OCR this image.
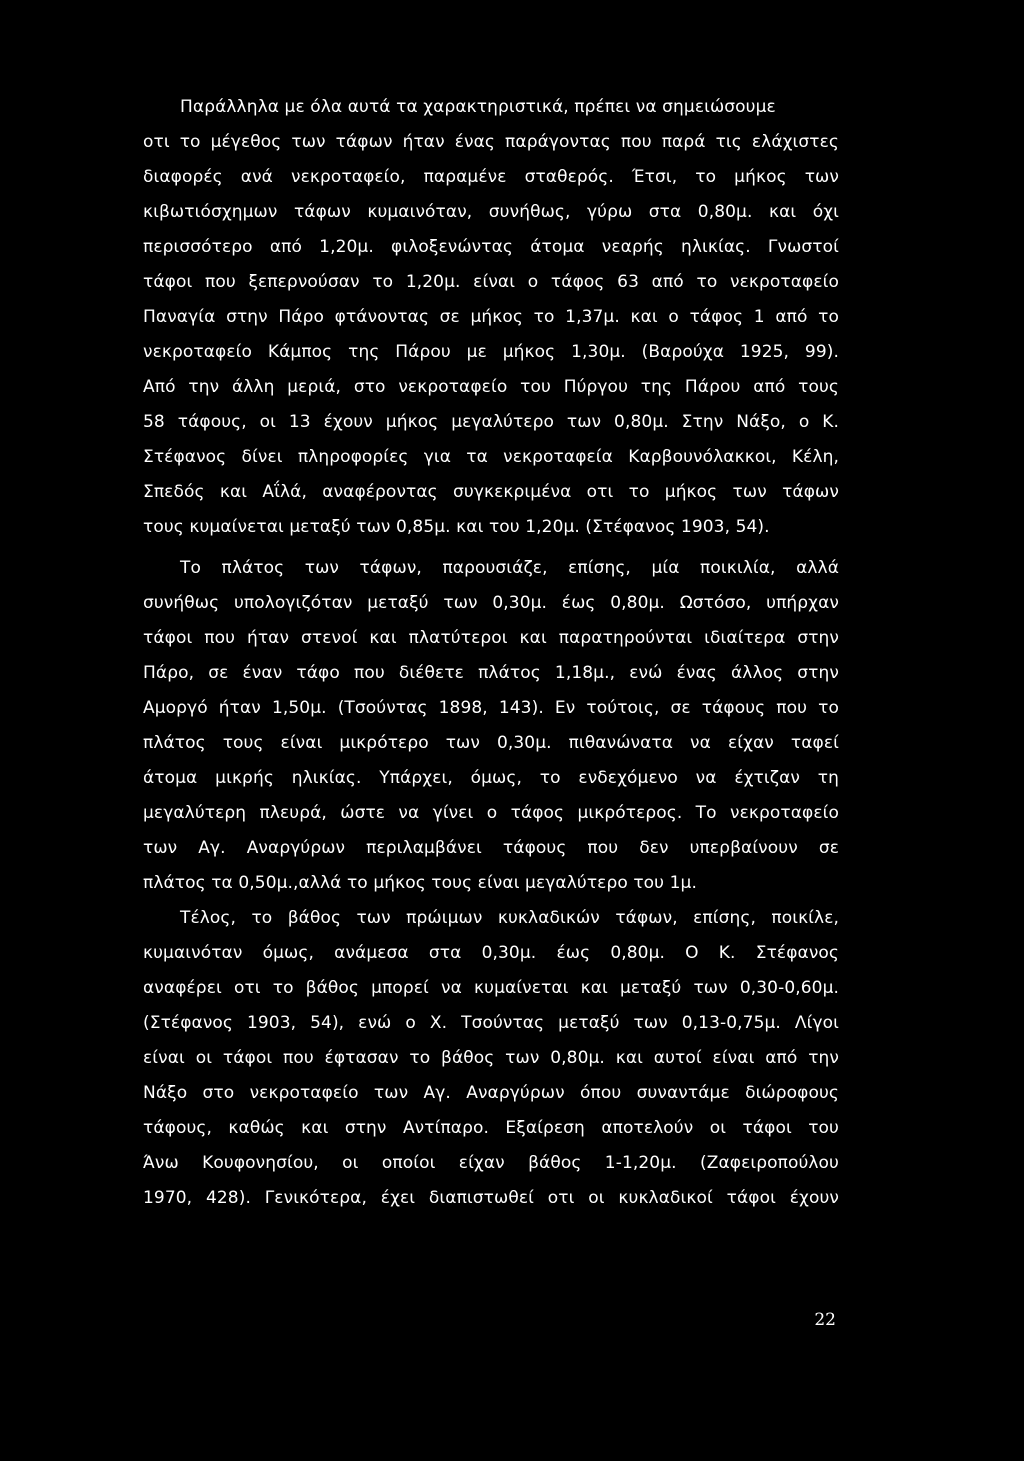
Παράλληλα με όλα αυτά τα χαρακτηριστικά, πρέπει να σημειώσουμε
οτι το μέγεθος των τάφων ήταν ένας παράγοντας που παρά τις ελάχιστες
διαφορές ανά νεκροταφείο, παραμένε σταθερός. Έτσι, το μήκος των
κιβωτιόσχημων τάφων κυμαινόταν, συνήθως, γύρω στα 0,80μ. και όχι
περισσότερο από 1,20μ. φιλοξενώντας άτομα νεαρής ηλικίας. Γνωστοί
τάφοι που ξεπερνούσαν το 1,20μ. είναι ο τάφος 63 από το νεκροταφείο
Παναγία στην Πάρο φτάνοντας σε μήκος το 1,37μ. και ο τάφος 1 από το
νεκροταφείο Κάμπος της Πάρου με μήκος 1,30μ. (Βαρούχα 1925, 99).
Από την άλλη μεριά, στο νεκροταφείο του Πύργου της Πάρου από τους
58 τάφους, οι 13 έχουν μήκος μεγαλύτερο των 0,80μ. Στην Νάξο, ο Κ.
Στέφανος δίνει πληροφορίες για τα νεκροταφεία Καρβουνόλακκοι, Κέλη,
Σπεδός και Αΐλά, αναφέροντας συγκεκριμένα οτι το μήκος των τάφων
τους κυμαίνεται μεταξύ των 0,85μ. και του 1,20μ. (Στέφανος 1903, 54).
Το πλάτος των τάφων, παρουσιάζε, επίσης, μία ποικιλία, αλλά
συνήθως υπολογιζόταν μεταξύ των 0,30μ. έως 0,80μ. Ωστόσο, υπήρχαν
τάφοι που ήταν στενοί και πλατύτεροι και παρατηρούνται ιδιαίτερα στην
Πάρο, σε έναν τάφο που διέθετε πλάτος 1,18μ., ενώ ένας άλλος στην
Αμοργό ήταν 1,50μ. (Τσούντας 1898, 143). Εν τούτοις, σε τάφους που το
πλάτος τους είναι μικρότερο των 0,30μ. πιθανώνατα να είχαν ταφεί
άτομα μικρής ηλικίας. Υπάρχει, όμως, το ενδεχόμενο να έχτιζαν τη
μεγαλύτερη πλευρά, ώστε να γίνει ο τάφος μικρότερος. Το νεκροταφείο
των Αγ. Αναργύρων περιλαμβάνει τάφους που δεν υπερβαίνουν σε
πλάτος τα 0,50μ.,αλλά το μήκος τους είναι μεγαλύτερο του 1μ.
Τέλος, το βάθος των πρώιμων κυκλαδικών τάφων, επίσης, ποικίλε,
κυμαινόταν όμως, ανάμεσα στα 0,30μ. έως 0,80μ. Ο Κ. Στέφανος
αναφέρει οτι το βάθος μπορεί να κυμαίνεται και μεταξύ των 0,30-0,60μ.
(Στέφανος 1903, 54), ενώ ο Χ. Τσούντας μεταξύ των 0,13-0,75μ. Λίγοι
είναι οι τάφοι που έφτασαν το βάθος των 0,80μ. και αυτοί είναι από την
Νάξο στο νεκροταφείο των Αγ. Αναργύρων όπου συναντάμε διώροφους
τάφους, καθώς και στην Αντίπαρο. Εξαίρεση αποτελούν οι τάφοι του
Άνω Κουφονησίου, οι οποίοι είχαν βάθος 1-1,20μ. (Ζαφειροπούλου
1970, 428). Γενικότερα, έχει διαπιστωθεί οτι οι κυκλαδικοί τάφοι έχουν
22
